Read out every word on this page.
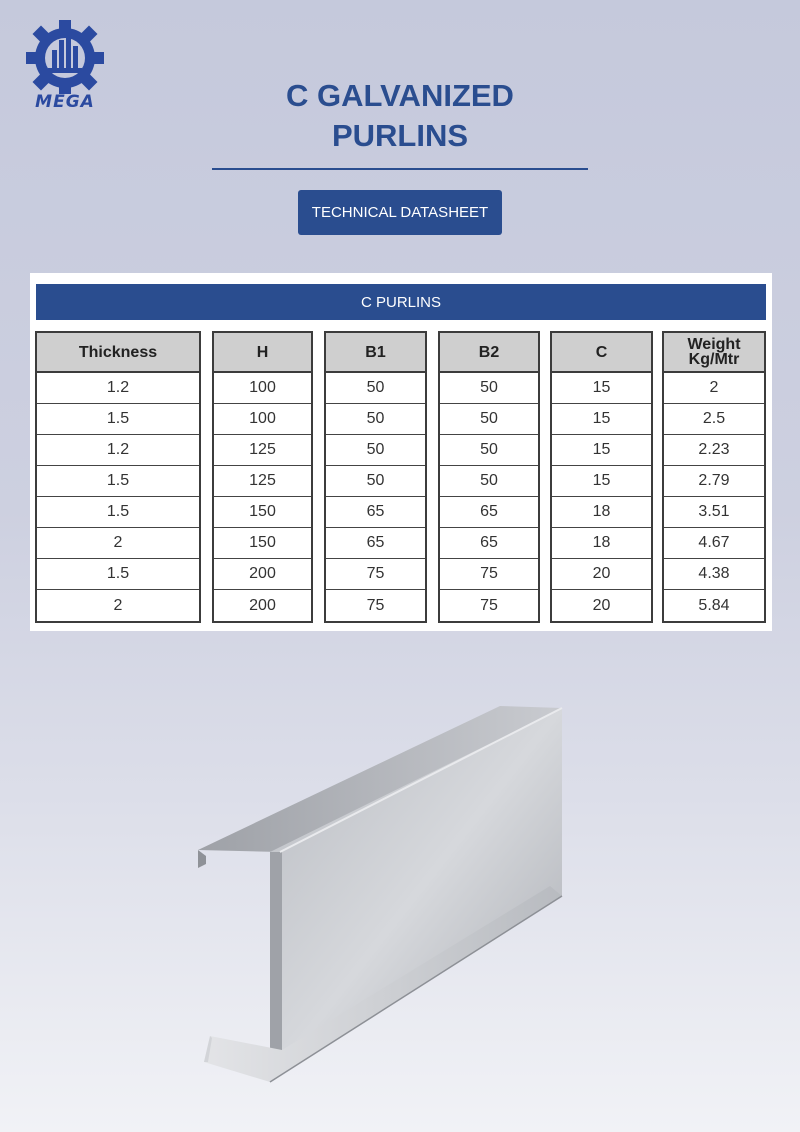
MEGA	C GALVANIZED
PURLINS
TECHNICAL DATASHEET
C PURLINS
Thickness
1.2
1.5
1.2
1.5
1.5
2
1.5
2
H
100
100
125
125
150
150
200
200
B1
50
50
50
50
65
65
75
75
B2
50
50
50
50
65
65
75
75
C
15
15
15
15
18
18
20
20
Weight
Kg/Mtr
2
2.5
2.23
2.79
3.51
4.67
4.38
5.84
